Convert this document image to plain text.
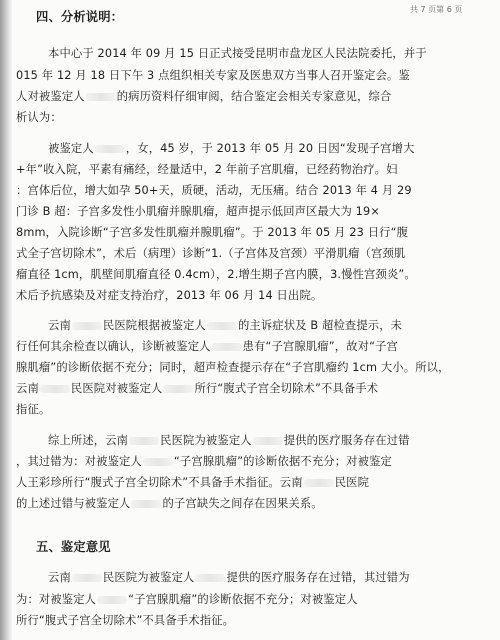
共 7 页第 6 页
四、分析说明：
五、鉴定意见
本中心于 2014 年 09 月 15 日正式接受昆明市盘龙区人民法院委托，并于
015 年 12 月 18 日下午 3 点组织相关专家及医患双方当事人召开鉴定会。鉴
人对被鉴定人	的病历资料仔细审阅，结合鉴定会相关专家意见，综合
析认为：
被鉴定人	，女，45 岁，于 2013 年 05 月 20 日因“发现子宫增大
+年”收入院，平素有痛经，经量适中，2 年前子宫肌瘤，已经药物治疗。妇
：宫体后位，增大如孕 50+天，质硬，活动，无压痛。结合 2013 年 4 月 29
门诊 B 超：子宫多发性小肌瘤并腺肌瘤，超声提示低回声区最大为 19×
8mm，入院诊断“子宫多发性肌瘤并腺肌瘤”。于 2013 年 05 月 23 日行“腹
式全子宫切除术”，术后（病理）诊断“1.（子宫体及宫颈）平滑肌瘤（宫颈肌
瘤直径 1cm，肌壁间肌瘤直径 0.4cm），2.增生期子宫内膜，3.慢性宫颈炎”。
术后予抗感染及对症支持治疗，2013 年 06 月 14 日出院。
云南	民医院根据被鉴定人	的主诉症状及 B 超检查提示，未
行任何其余检查以确认，诊断被鉴定人	患有“子宫腺肌瘤”，故对“子宫
腺肌瘤”的诊断依据不充分；同时，超声检查提示存在“子宫肌瘤约 1cm 大小。所以，
云南	民医院对被鉴定人	所行“腹式子宫全切除术”不具备手术
指征。
综上所述，云南	民医院为被鉴定人	提供的医疗服务存在过错
，其过错为：对被鉴定人	“子宫腺肌瘤”的诊断依据不充分；对被鉴定
人王彩珍所行“腹式子宫全切除术”不具备手术指征。云南	民医院
的上述过错与被鉴定人	的子宫缺失之间存在因果关系。
云南	民医院为被鉴定人	提供的医疗服务存在过错，其过错为
为：对被鉴定人	“子宫腺肌瘤”的诊断依据不充分；对被鉴定人
所行“腹式子宫全切除术”不具备手术指征。
